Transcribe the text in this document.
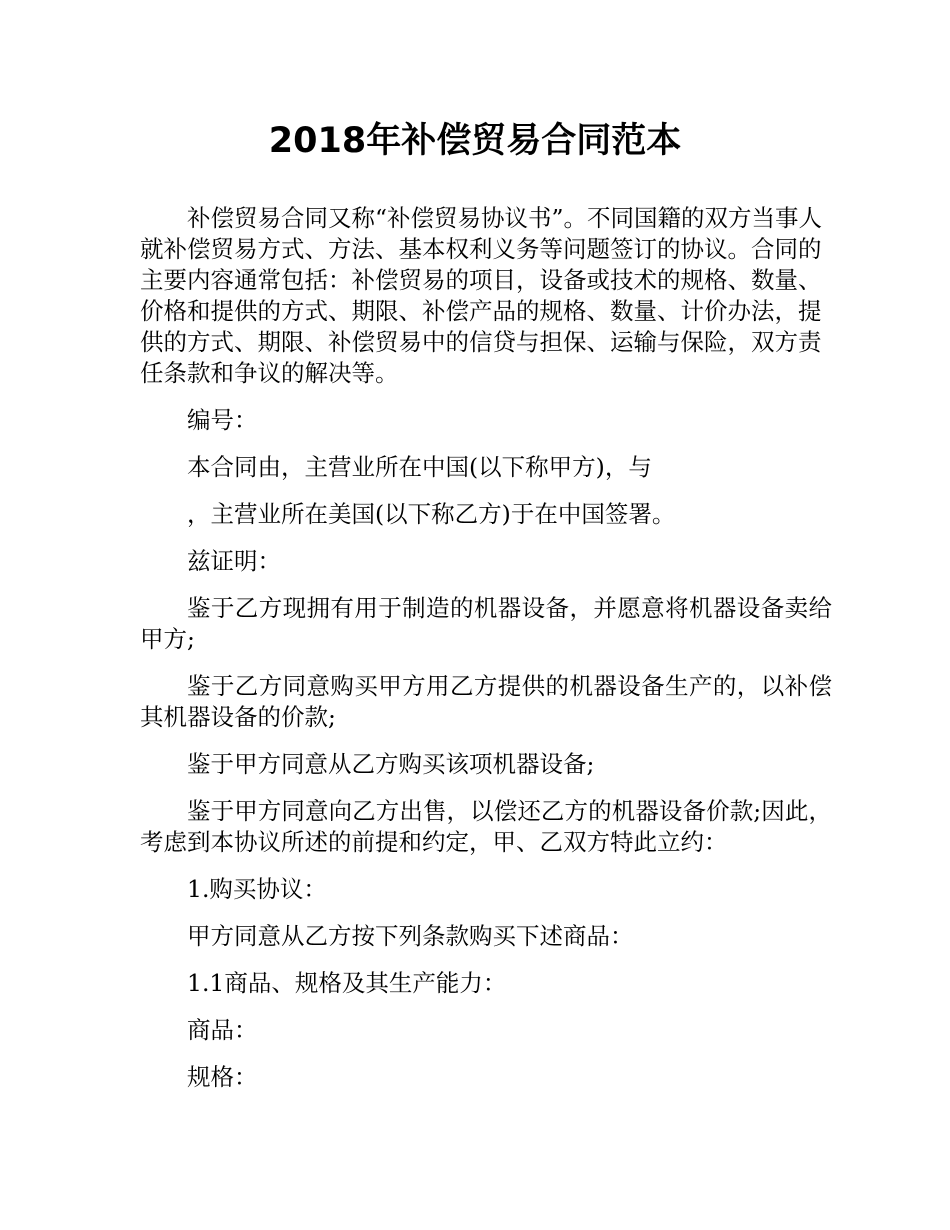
2018年补偿贸易合同范本

补偿贸易合同又称“补偿贸易协议书”。不同国籍的双方当事人就补偿贸易方式、方法、基本权利义务等问题签订的协议。合同的主要内容通常包括：补偿贸易的项目，设备或技术的规格、数量、价格和提供的方式、期限、补偿产品的规格、数量、计价办法，提供的方式、期限、补偿贸易中的信贷与担保、运输与保险，双方责任条款和争议的解决等。

编号：

本合同由，主营业所在中国(以下称甲方)，与

，主营业所在美国(以下称乙方)于在中国签署。

兹证明：

鉴于乙方现拥有用于制造的机器设备，并愿意将机器设备卖给甲方;

鉴于乙方同意购买甲方用乙方提供的机器设备生产的，以补偿其机器设备的价款;

鉴于甲方同意从乙方购买该项机器设备;

鉴于甲方同意向乙方出售，以偿还乙方的机器设备价款;因此，考虑到本协议所述的前提和约定，甲、乙双方特此立约：

1.购买协议：

甲方同意从乙方按下列条款购买下述商品：

1.1商品、规格及其生产能力：

商品：

规格：
